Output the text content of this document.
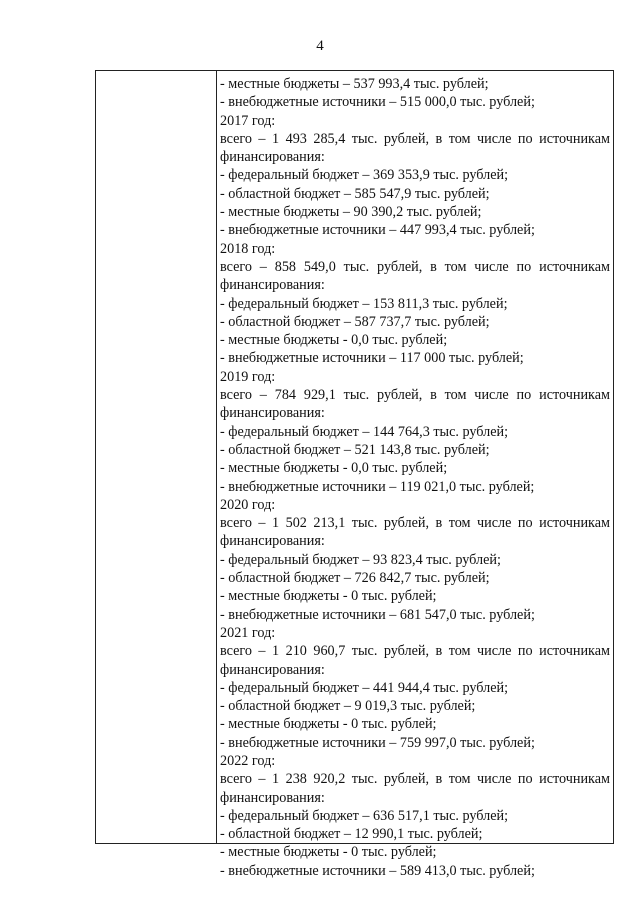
4
- местные бюджеты – 537 993,4 тыс. рублей;
- внебюджетные источники – 515 000,0 тыс. рублей;
2017 год:
всего – 1 493 285,4 тыс. рублей, в том числе по источникам
финансирования:
- федеральный бюджет – 369 353,9 тыс. рублей;
- областной бюджет – 585 547,9 тыс. рублей;
- местные бюджеты – 90 390,2 тыс. рублей;
- внебюджетные источники – 447 993,4 тыс. рублей;
2018 год:
всего – 858 549,0 тыс. рублей, в том числе по источникам
финансирования:
- федеральный бюджет – 153 811,3 тыс. рублей;
- областной бюджет – 587 737,7 тыс. рублей;
- местные бюджеты - 0,0 тыс. рублей;
- внебюджетные источники – 117 000 тыс. рублей;
2019 год:
всего – 784 929,1 тыс. рублей, в том числе по источникам
финансирования:
- федеральный бюджет – 144 764,3 тыс. рублей;
- областной бюджет – 521 143,8 тыс. рублей;
- местные бюджеты - 0,0 тыс. рублей;
- внебюджетные источники – 119 021,0 тыс. рублей;
2020 год:
всего – 1 502 213,1 тыс. рублей, в том числе по источникам
финансирования:
- федеральный бюджет – 93 823,4 тыс. рублей;
- областной бюджет – 726 842,7 тыс. рублей;
- местные бюджеты - 0 тыс. рублей;
- внебюджетные источники – 681 547,0 тыс. рублей;
2021 год:
всего – 1 210 960,7 тыс. рублей, в том числе по источникам
финансирования:
- федеральный бюджет – 441 944,4 тыс. рублей;
- областной бюджет – 9 019,3 тыс. рублей;
- местные бюджеты - 0 тыс. рублей;
- внебюджетные источники – 759 997,0 тыс. рублей;
2022 год:
всего – 1 238 920,2 тыс. рублей, в том числе по источникам
финансирования:
- федеральный бюджет – 636 517,1 тыс. рублей;
- областной бюджет – 12 990,1 тыс. рублей;
- местные бюджеты - 0 тыс. рублей;
- внебюджетные источники – 589 413,0 тыс. рублей;
